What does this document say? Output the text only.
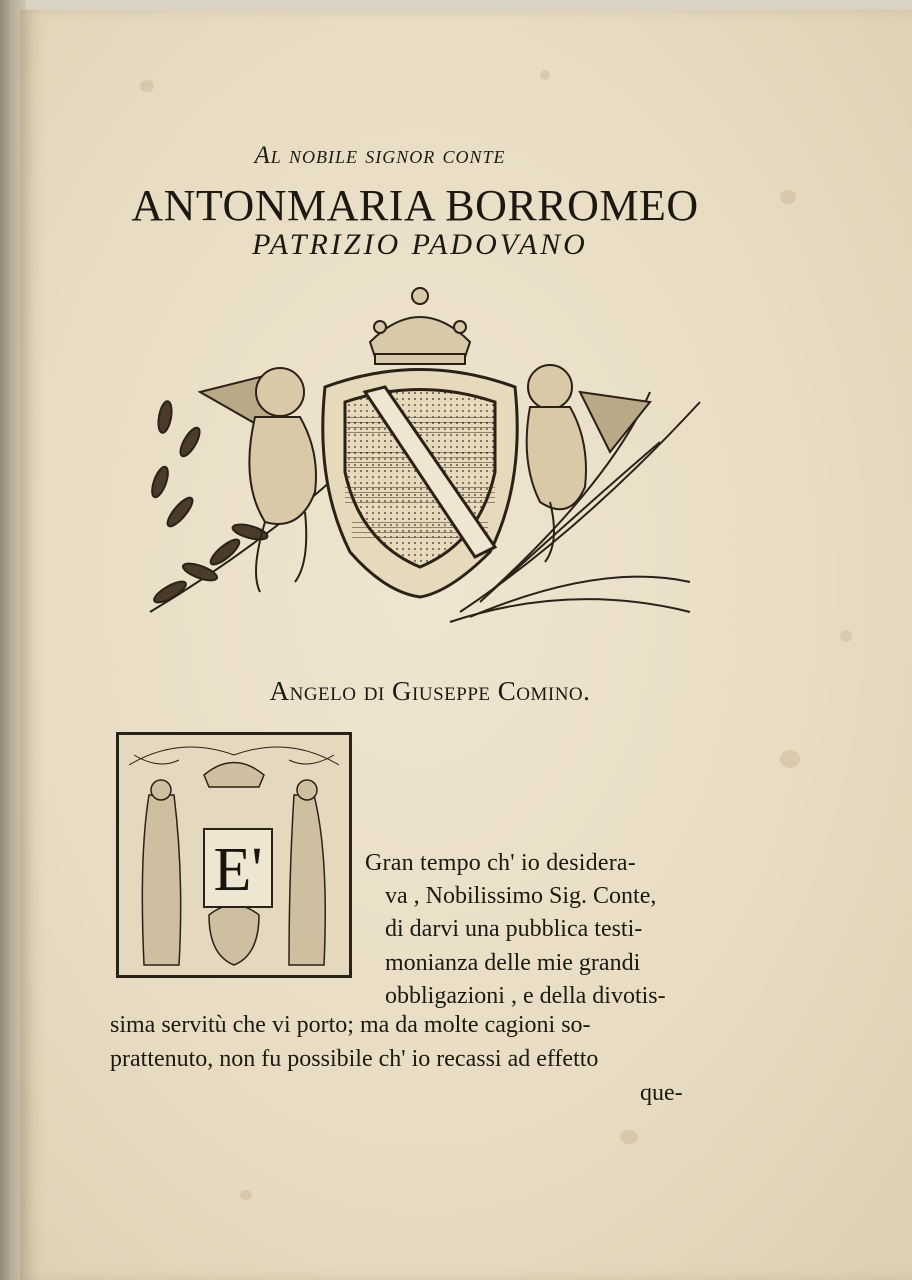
Al nobile signor conte
ANTONMARIA BORROMEO
PATRIZIO PADOVANO
Angelo di Giuseppe Comino.
E'	Gran tempo ch' io desidera-
va , Nobilissimo Sig. Conte,
di darvi una pubblica testi-
monianza delle mie grandi
obbligazioni , e della divotis-
sima servitù che vi porto; ma da molte cagioni so-
prattenuto, non fu possibile ch' io recassi ad effetto
que-
